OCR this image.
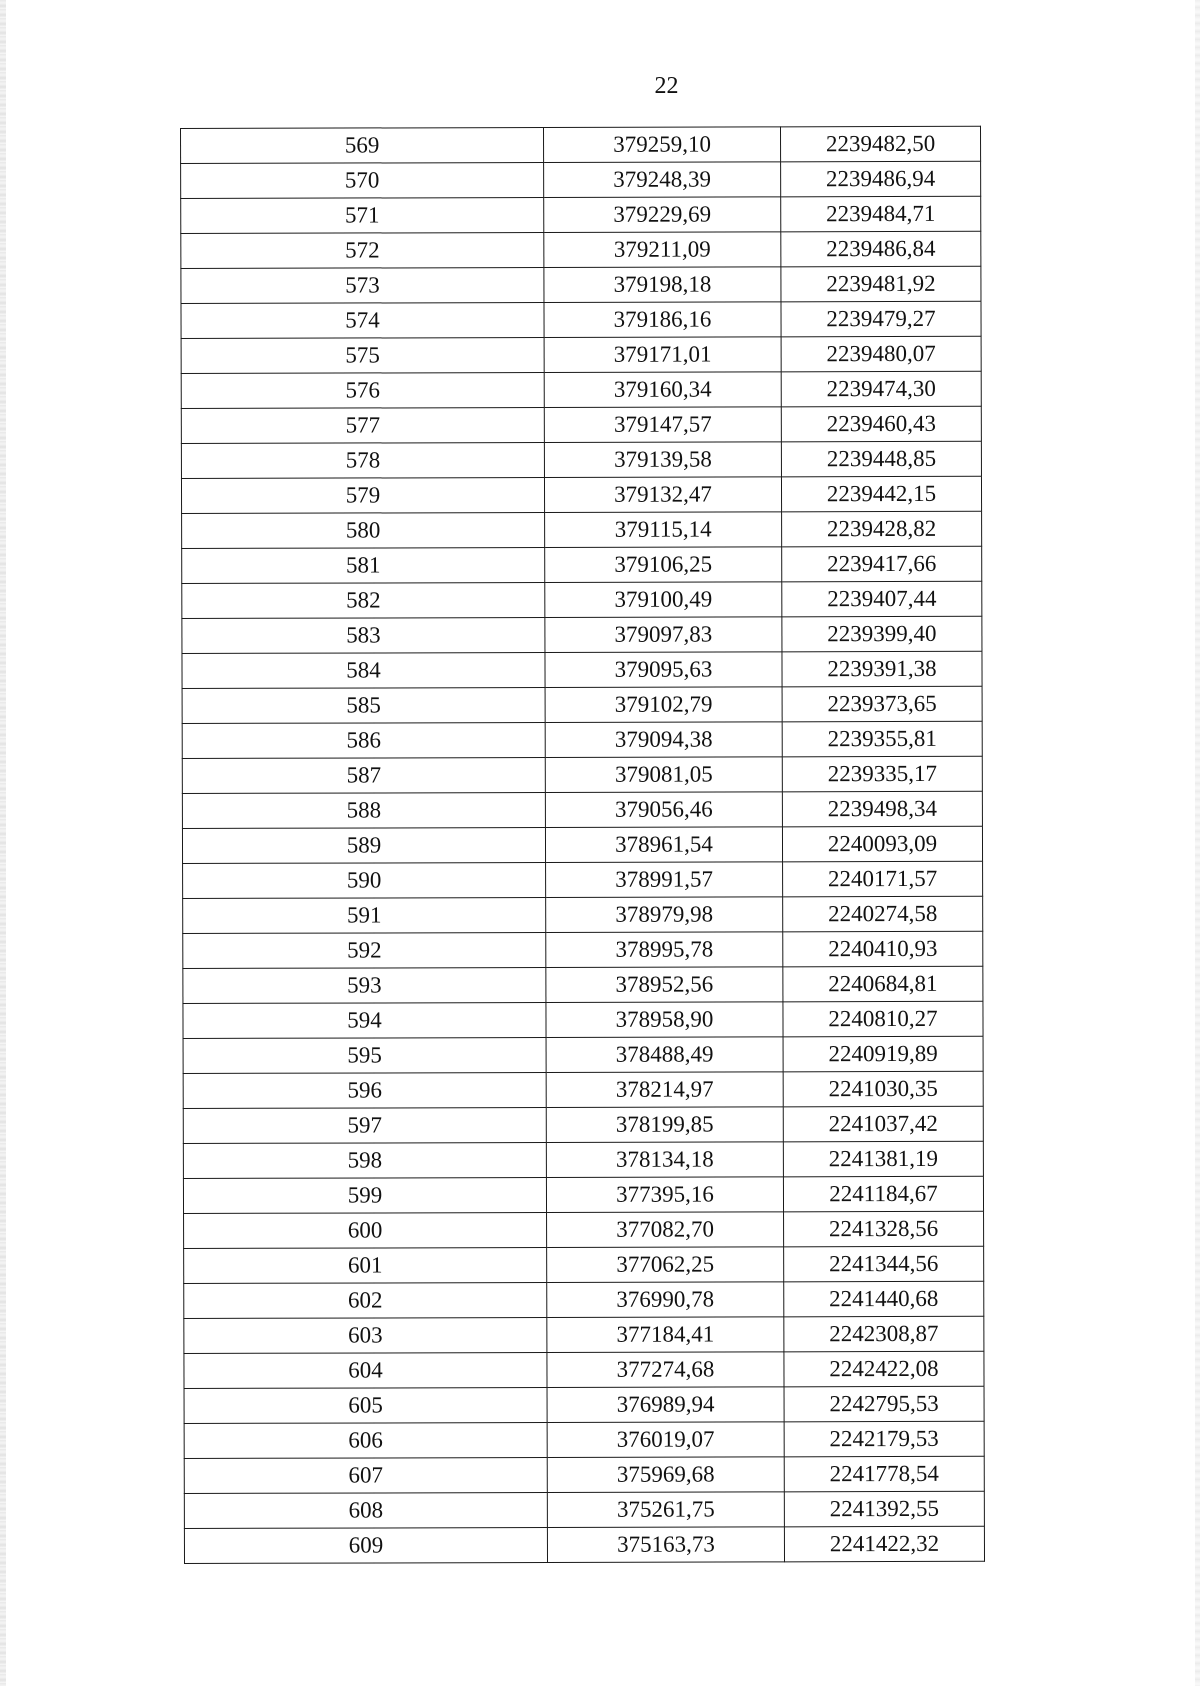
22
569	379259,10	2239482,50
570	379248,39	2239486,94
571	379229,69	2239484,71
572	379211,09	2239486,84
573	379198,18	2239481,92
574	379186,16	2239479,27
575	379171,01	2239480,07
576	379160,34	2239474,30
577	379147,57	2239460,43
578	379139,58	2239448,85
579	379132,47	2239442,15
580	379115,14	2239428,82
581	379106,25	2239417,66
582	379100,49	2239407,44
583	379097,83	2239399,40
584	379095,63	2239391,38
585	379102,79	2239373,65
586	379094,38	2239355,81
587	379081,05	2239335,17
588	379056,46	2239498,34
589	378961,54	2240093,09
590	378991,57	2240171,57
591	378979,98	2240274,58
592	378995,78	2240410,93
593	378952,56	2240684,81
594	378958,90	2240810,27
595	378488,49	2240919,89
596	378214,97	2241030,35
597	378199,85	2241037,42
598	378134,18	2241381,19
599	377395,16	2241184,67
600	377082,70	2241328,56
601	377062,25	2241344,56
602	376990,78	2241440,68
603	377184,41	2242308,87
604	377274,68	2242422,08
605	376989,94	2242795,53
606	376019,07	2242179,53
607	375969,68	2241778,54
608	375261,75	2241392,55
609	375163,73	2241422,32
